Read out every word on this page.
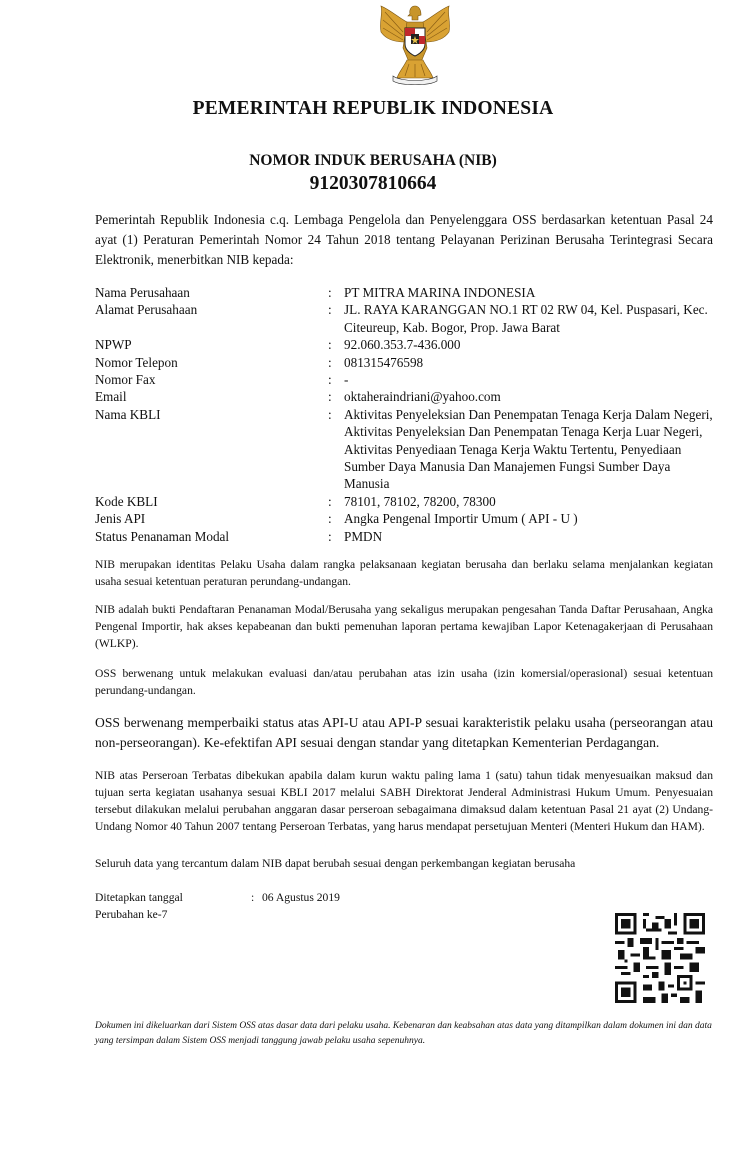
PEMERINTAH REPUBLIK INDONESIA
NOMOR INDUK BERUSAHA (NIB)
9120307810664
Pemerintah Republik Indonesia c.q. Lembaga Pengelola dan Penyelenggara OSS berdasarkan ketentuan Pasal 24 ayat (1) Peraturan Pemerintah Nomor 24 Tahun 2018 tentang Pelayanan Perizinan Berusaha Terintegrasi Secara Elektronik, menerbitkan NIB kepada:
Nama Perusahaan	: PT MITRA MARINA INDONESIA
Alamat Perusahaan	: JL. RAYA KARANGGAN NO.1 RT 02 RW 04, Kel. Puspasari, Kec. Citeureup, Kab. Bogor, Prop. Jawa Barat
NPWP	: 92.060.353.7-436.000
Nomor Telepon	: 081315476598
Nomor Fax	: -
Email	: oktaheraindriani@yahoo.com
Nama KBLI	: Aktivitas Penyeleksian Dan Penempatan Tenaga Kerja Dalam Negeri, Aktivitas Penyeleksian Dan Penempatan Tenaga Kerja Luar Negeri, Aktivitas Penyediaan Tenaga Kerja Waktu Tertentu, Penyediaan Sumber Daya Manusia Dan Manajemen Fungsi Sumber Daya Manusia
Kode KBLI	: 78101, 78102, 78200, 78300
Jenis API	: Angka Pengenal Importir Umum ( API - U )
Status Penanaman Modal	: PMDN
NIB merupakan identitas Pelaku Usaha dalam rangka pelaksanaan kegiatan berusaha dan berlaku selama menjalankan kegiatan usaha sesuai ketentuan peraturan perundang-undangan.
NIB adalah bukti Pendaftaran Penanaman Modal/Berusaha yang sekaligus merupakan pengesahan Tanda Daftar Perusahaan, Angka Pengenal Importir, hak akses kepabeanan dan bukti pemenuhan laporan pertama kewajiban Lapor Ketenagakerjaan di Perusahaan (WLKP).
OSS berwenang untuk melakukan evaluasi dan/atau perubahan atas izin usaha (izin komersial/operasional) sesuai ketentuan perundang-undangan.
OSS berwenang memperbaiki status atas API-U atau API-P sesuai karakteristik pelaku usaha (perseorangan atau non-perseorangan). Ke-efektifan API sesuai dengan standar yang ditetapkan Kementerian Perdagangan.
NIB atas Perseroan Terbatas dibekukan apabila dalam kurun waktu paling lama 1 (satu) tahun tidak menyesuaikan maksud dan tujuan serta kegiatan usahanya sesuai KBLI 2017 melalui SABH Direktorat Jenderal Administrasi Hukum Umum. Penyesuaian tersebut dilakukan melalui perubahan anggaran dasar perseroan sebagaimana dimaksud dalam ketentuan Pasal 21 ayat (2) Undang-Undang Nomor 40 Tahun 2007 tentang Perseroan Terbatas, yang harus mendapat persetujuan Menteri (Menteri Hukum dan HAM).
Seluruh data yang tercantum dalam NIB dapat berubah sesuai dengan perkembangan kegiatan berusaha
Ditetapkan tanggal	: 06 Agustus 2019
Perubahan ke-7
Dokumen ini dikeluarkan dari Sistem OSS atas dasar data dari pelaku usaha. Kebenaran dan keabsahan atas data yang ditampilkan dalam dokumen ini dan data yang tersimpan dalam Sistem OSS menjadi tanggung jawab pelaku usaha sepenuhnya.
